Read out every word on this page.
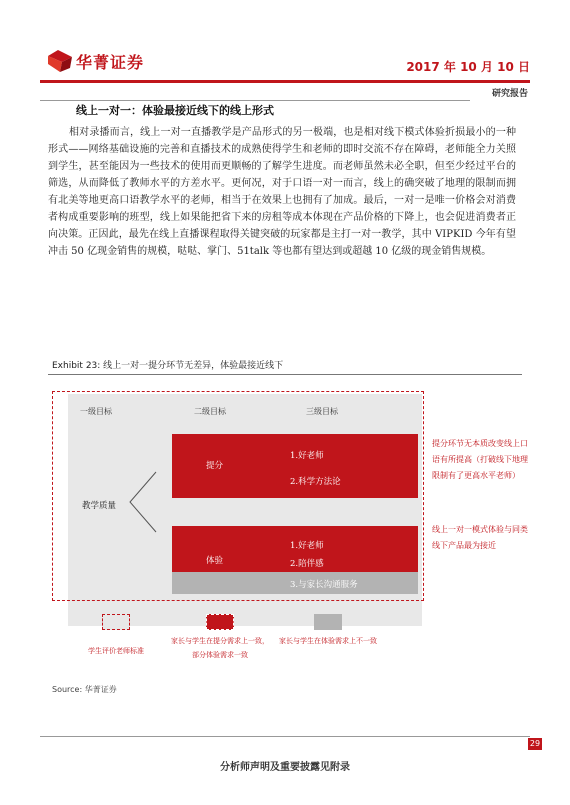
华菁证券	2017 年 10 月 10 日
研究报告
线上一对一：体验最接近线下的线上形式

相对录播而言，线上一对一直播教学是产品形式的另一极端，也是相对线下模式体验折损最小的一种形式——网络基础设施的完善和直播技术的成熟使得学生和老师的即时交流不存在障碍，老师能全力关照到学生，甚至能因为一些技术的使用而更顺畅的了解学生进度。而老师虽然未必全职，但至少经过平台的筛选，从而降低了教师水平的方差水平。更何况，对于口语一对一而言，线上的确突破了地理的限制而拥有北美等地更高口语教学水平的老师，相当于在效果上也拥有了加成。最后，一对一是唯一价格会对消费者构成重要影响的班型，线上如果能把省下来的房租等成本体现在产品价格的下降上，也会促进消费者正向决策。正因此，最先在线上直播课程取得关键突破的玩家都是主打一对一教学，其中 VIPKID 今年有望冲击 50 亿现金销售的规模，哒哒、掌门、51talk 等也都有望达到或超越 10 亿级的现金销售规模。

Exhibit 23: 线上一对一提分环节无差异，体验最接近线下
一级目标	二级目标	三级目标
教学质量
提分
1.好老师
2.科学方法论
体验
1.好老师
2.陪伴感
3.与家长沟通服务
提分环节无本质改变线上口语有所提高（打破线下地理限制有了更高水平老师）
线上一对一模式体验与同类线下产品最为接近
学生评价老师标准
家长与学生在提分需求上一致，部分体验需求一致
家长与学生在体验需求上不一致
Source: 华菁证券
29
分析师声明及重要披露见附录
